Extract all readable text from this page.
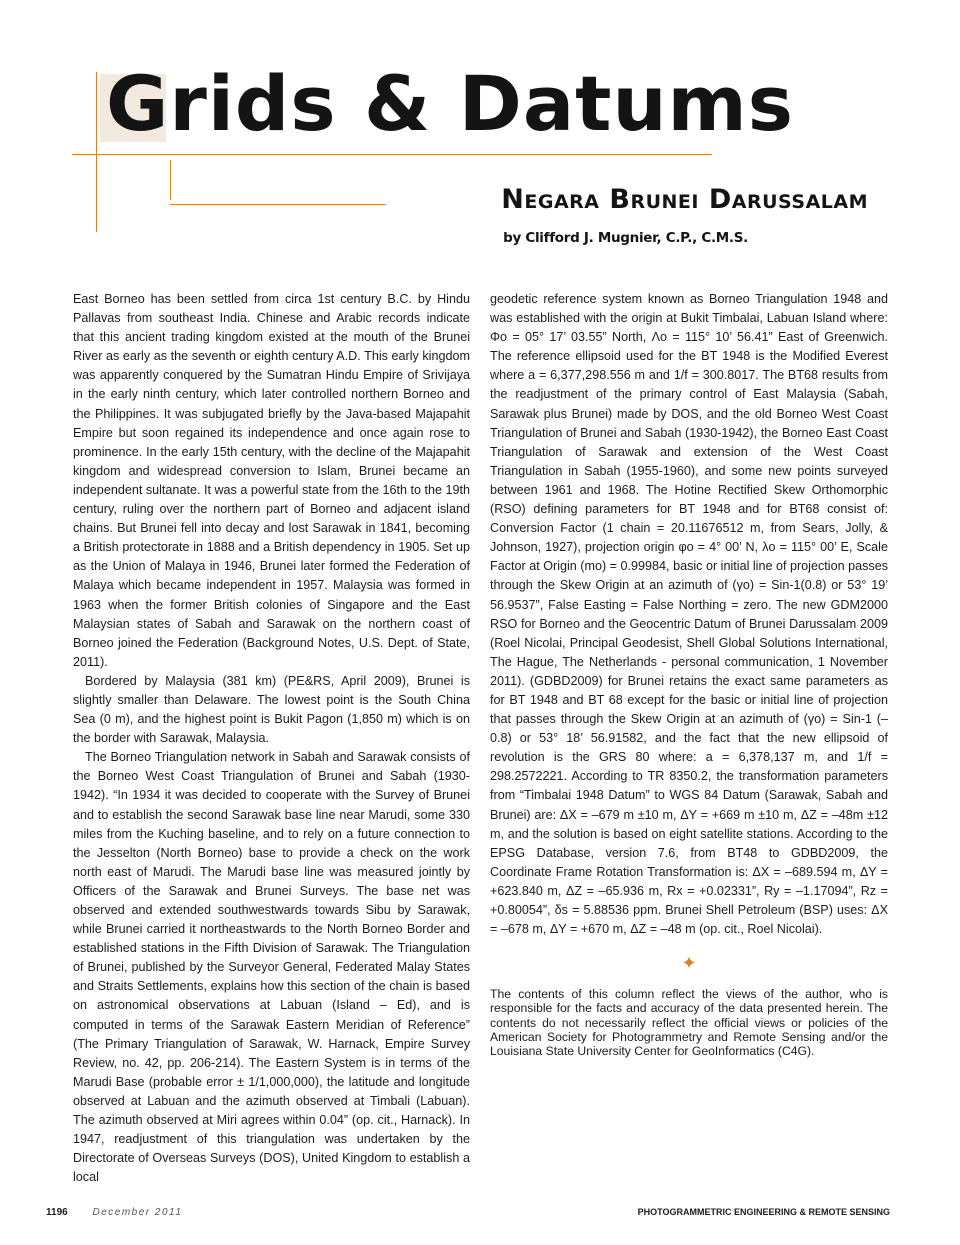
Grids & Datums
Negara Brunei Darussalam
by Clifford J. Mugnier, C.P., C.M.S.

East Borneo has been settled from circa 1st century B.C. by Hindu Pallavas from southeast India. Chinese and Arabic records indicate that this ancient trading kingdom existed at the mouth of the Brunei River as early as the seventh or eighth century A.D. This early kingdom was apparently conquered by the Sumatran Hindu Empire of Srivijaya in the early ninth century, which later controlled northern Borneo and the Philippines. It was subjugated briefly by the Java-based Majapahit Empire but soon regained its independence and once again rose to prominence. In the early 15th century, with the decline of the Majapahit kingdom and widespread conversion to Islam, Brunei became an independent sultanate. It was a powerful state from the 16th to the 19th century, ruling over the northern part of Borneo and adjacent island chains. But Brunei fell into decay and lost Sarawak in 1841, becoming a British protectorate in 1888 and a British dependency in 1905. Set up as the Union of Malaya in 1946, Brunei later formed the Federation of Malaya which became independent in 1957. Malaysia was formed in 1963 when the former British colonies of Singapore and the East Malaysian states of Sabah and Sarawak on the northern coast of Borneo joined the Federation (Background Notes, U.S. Dept. of State, 2011).

Bordered by Malaysia (381 km) (PE&RS, April 2009), Brunei is slightly smaller than Delaware. The lowest point is the South China Sea (0 m), and the highest point is Bukit Pagon (1,850 m) which is on the border with Sarawak, Malaysia.

The Borneo Triangulation network in Sabah and Sarawak consists of the Borneo West Coast Triangulation of Brunei and Sabah (1930-1942). “In 1934 it was decided to cooperate with the Survey of Brunei and to establish the second Sarawak base line near Marudi, some 330 miles from the Kuching baseline, and to rely on a future connection to the Jesselton (North Borneo) base to provide a check on the work north east of Marudi. The Marudi base line was measured jointly by Officers of the Sarawak and Brunei Surveys. The base net was observed and extended southwestwards towards Sibu by Sarawak, while Brunei carried it northeastwards to the North Borneo Border and established stations in the Fifth Division of Sarawak. The Triangulation of Brunei, published by the Surveyor General, Federated Malay States and Straits Settlements, explains how this section of the chain is based on astronomical observations at Labuan (Island – Ed), and is computed in terms of the Sarawak Eastern Meridian of Reference” (The Primary Triangulation of Sarawak, W. Harnack, Empire Survey Review, no. 42, pp. 206-214). The Eastern System is in terms of the Marudi Base (probable error ± 1/1,000,000), the latitude and longitude observed at Labuan and the azimuth observed at Timbali (Labuan). The azimuth observed at Miri agrees within 0.04” (op. cit., Harnack). In 1947, readjustment of this triangulation was undertaken by the Directorate of Overseas Surveys (DOS), United Kingdom to establish a local

geodetic reference system known as Borneo Triangulation 1948 and was established with the origin at Bukit Timbalai, Labuan Island where: Φo = 05° 17’ 03.55” North, Λo = 115° 10’ 56.41” East of Greenwich. The reference ellipsoid used for the BT 1948 is the Modified Everest where a = 6,377,298.556 m and 1/f = 300.8017. The BT68 results from the readjustment of the primary control of East Malaysia (Sabah, Sarawak plus Brunei) made by DOS, and the old Borneo West Coast Triangulation of Brunei and Sabah (1930-1942), the Borneo East Coast Triangulation of Sarawak and extension of the West Coast Triangulation in Sabah (1955-1960), and some new points surveyed between 1961 and 1968. The Hotine Rectified Skew Orthomorphic (RSO) defining parameters for BT 1948 and for BT68 consist of: Conversion Factor (1 chain = 20.11676512 m, from Sears, Jolly, & Johnson, 1927), projection origin φo = 4° 00’ N, λo = 115° 00’ E, Scale Factor at Origin (mo) = 0.99984, basic or initial line of projection passes through the Skew Origin at an azimuth of (γo) = Sin-1(0.8) or 53° 19’ 56.9537”, False Easting = False Northing = zero. The new GDM2000 RSO for Borneo and the Geocentric Datum of Brunei Darussalam 2009 (Roel Nicolai, Principal Geodesist, Shell Global Solutions International, The Hague, The Netherlands - personal communication, 1 November 2011). (GDBD2009) for Brunei retains the exact same parameters as for BT 1948 and BT 68 except for the basic or initial line of projection that passes through the Skew Origin at an azimuth of (γo) = Sin-1 (– 0.8) or 53° 18’ 56.91582, and the fact that the new ellipsoid of revolution is the GRS 80 where: a = 6,378,137 m, and 1/f = 298.2572221. According to TR 8350.2, the transformation parameters from “Timbalai 1948 Datum” to WGS 84 Datum (Sarawak, Sabah and Brunei) are: ΔX = –679 m ±10 m, ΔY = +669 m ±10 m, ΔZ = –48m ±12 m, and the solution is based on eight satellite stations. According to the EPSG Database, version 7.6, from BT48 to GDBD2009, the Coordinate Frame Rotation Transformation is: ΔX = –689.594 m, ΔY = +623.840 m, ΔZ = –65.936 m, Rx = +0.02331”, Ry = –1.17094”, Rz = +0.80054”, δs = 5.88536 ppm. Brunei Shell Petroleum (BSP) uses: ΔX = –678 m, ΔY = +670 m, ΔZ = –48 m (op. cit., Roel Nicolai).

✦

The contents of this column reflect the views of the author, who is responsible for the facts and accuracy of the data presented herein. The contents do not necessarily reflect the official views or policies of the American Society for Photogrammetry and Remote Sensing and/or the Louisiana State University Center for GeoInformatics (C4G).

1196 December 2011	PHOTOGRAMMETRIC ENGINEERING & REMOTE SENSING
